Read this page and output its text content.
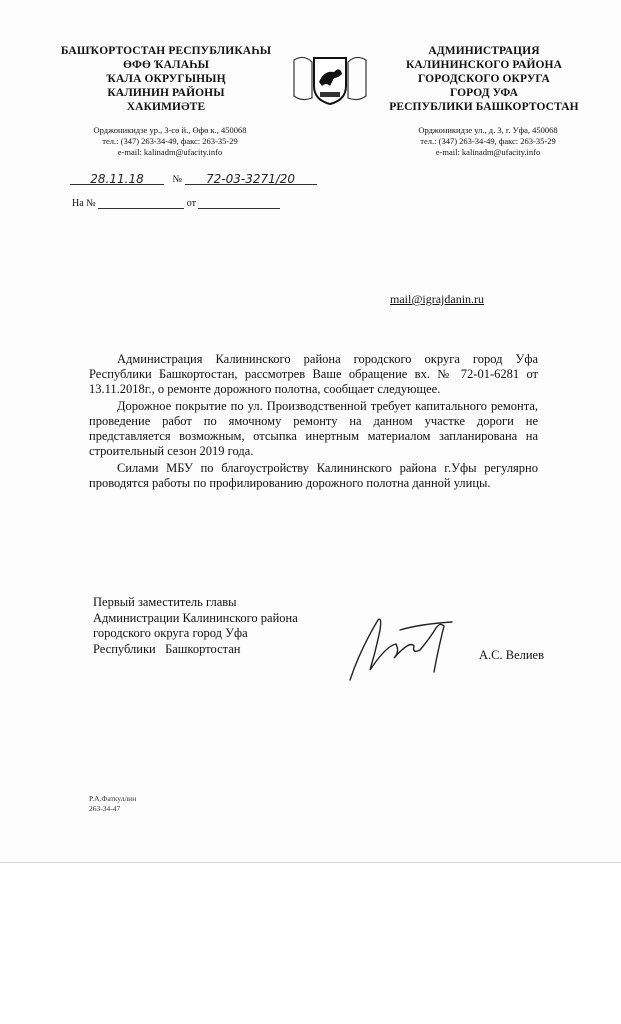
БАШҠОРТОСТАН РЕСПУБЛИКАҺЫ
ӨФӨ ҠАЛАҺЫ
ҠАЛА ОКРУГЫНЫҢ
КАЛИНИН РАЙОНЫ
ХАКИМИӘТЕ
АДМИНИСТРАЦИЯ
КАЛИНИНСКОГО РАЙОНА
ГОРОДСКОГО ОКРУГА
ГОРОД УФА
РЕСПУБЛИКИ БАШКОРТОСТАН
Орджоникидзе ур., 3-сө й., Өфө к., 450068
тел.: (347) 263-34-49, факс: 263-35-29
e-mail: kalinadm@ufacity.info
Орджоникидзе ул., д. 3, г. Уфа, 450068
тел.: (347) 263-34-49, факс: 263-35-29
e-mail: kalinadm@ufacity.info
28.11.18	№ 72-03-3271/20
На №	от
mail@igrajdanin.ru

Администрация Калининского района городского округа город Уфа Республики Башкортостан, рассмотрев Ваше обращение вх. № 72-01-6281 от 13.11.2018г., о ремонте дорожного полотна, сообщает следующее.

Дорожное покрытие по ул. Производственной требует капитального ремонта, проведение работ по ямочному ремонту на данном участке дороги не представляется возможным, отсыпка инертным материалом запланирована на строительный сезон 2019 года.

Силами МБУ по благоустройству Калининского района г.Уфы регулярно проводятся работы по профилированию дорожного полотна данной улицы.

Первый заместитель главы
Администрации Калининского района
городского округа город Уфа
Республики   Башкортостан	А.С. Велиев
Р.А.Фаткуллин
263-34-47
